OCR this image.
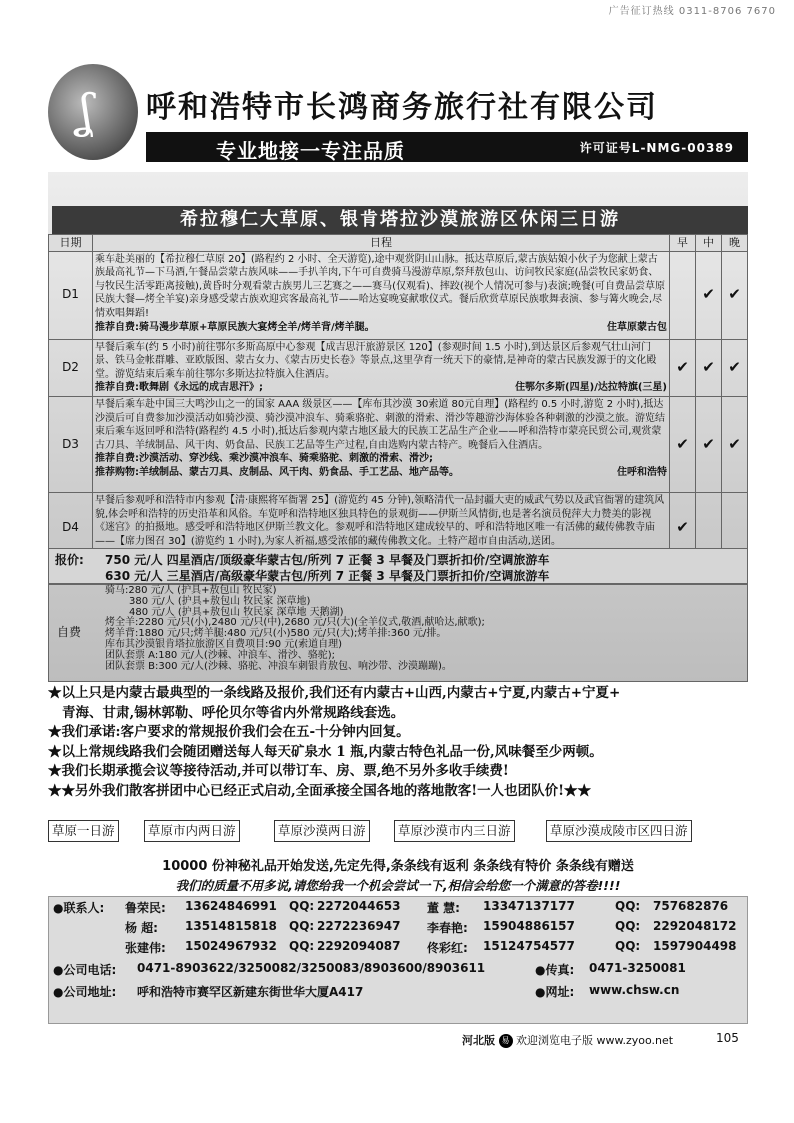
广告征订热线 0311-8706 7670
ʆ 呼和浩特市长鸿商务旅行社有限公司
专业地接一专注品质	许可证号L-NMG-00389
希拉穆仁大草原、银肯塔拉沙漠旅游区休闲三日游
日期	日程	早	中	晚
D1	乘车赴美丽的【希拉穆仁草原 20】(路程约 2 小时、全天游览),途中观赏阴山山脉。抵达草原后,蒙古族姑娘小伙子为您献上蒙古族最高礼节—下马酒,午餐品尝蒙古族风味——手扒羊肉,下午可自费骑马漫游草原,祭拜敖包山、访问牧民家庭(品尝牧民家奶食、与牧民生活零距离接触),黄昏时分观看蒙古族男儿三艺赛之——赛马(仅观看)、摔跤(视个人情况可参与)表演;晚餐(可自费品尝草原民族大餐—烤全羊宴)亲身感受蒙古族欢迎宾客最高礼节——哈达宴晚宴献歌仪式。餐后欣赏草原民族歌舞表演、参与篝火晚会,尽情欢唱舞蹈!
推荐自费:骑马漫步草原+草原民族大宴烤全羊/烤羊背/烤羊腿。 住草原蒙古包		✔	✔
D2	早餐后乘车(约 5 小时)前往鄂尔多斯高原中心参观【成吉思汗旅游景区 120】(参观时间 1.5 小时),到达景区后参观气壮山河门景、铁马金帐群雕、亚欧版图、蒙古女力、《蒙古历史长卷》等景点,这里孕育一统天下的豪情,是神奇的蒙古民族发源于的文化殿堂。游览结束后乘车前往鄂尔多斯达拉特旗入住酒店。
推荐自费:歌舞剧《永远的成吉思汗》; 住鄂尔多斯(四星)/达拉特旗(三星)	✔	✔	✔
D3	早餐后乘车赴中国三大鸣沙山之一的国家 AAA 级景区——【库布其沙漠 30索道 80元自理】(路程约 0.5 小时,游览 2 小时),抵达沙漠后可自费参加沙漠活动如骑沙漠、骑沙漠冲浪车、骑乘骆驼、刺激的滑索、滑沙等趣游沙海体验各种刺激的沙漠之旅。游览结束后乘车返回呼和浩特(路程约 4.5 小时),抵达后参观内蒙古地区最大的民族工艺品生产企业——呼和浩特市蒙亮民贸公司,观赏蒙古刀具、羊绒制品、风干肉、奶食品、民族工艺品等生产过程,自由选购内蒙古特产。晚餐后入住酒店。
推荐自费:沙漠活动、穿沙线、乘沙漠冲浪车、骑乘骆驼、刺激的滑索、滑沙;
推荐购物:羊绒制品、蒙古刀具、皮制品、风干肉、奶食品、手工艺品、地产品等。 住呼和浩特	✔	✔	✔
D4	早餐后参观呼和浩特市内参观【清·康熙将军衙署 25】(游览约 45 分钟),领略清代一品封疆大吏的威武气势以及武官衙署的建筑风貌,体会呼和浩特的历史沿革和风俗。车览呼和浩特地区独具特色的景观街——伊斯兰风情街,也是著名演员倪萍大力赞美的影视《迷宫》的拍摄地。感受呼和浩特地区伊斯兰教文化。参观呼和浩特地区建成较早的、呼和浩特地区唯一有活佛的藏传佛教寺庙——【席力图召 30】(游览约 1 小时),为家人祈福,感受浓郁的藏传佛教文化。土特产超市自由活动,送团。	✔		
报价: 750 元/人 四星酒店/顶级豪华蒙古包/所列 7 正餐 3 早餐及门票折扣价/空调旅游车
630 元/人 三星酒店/高级豪华蒙古包/所列 7 正餐 3 早餐及门票折扣价/空调旅游车
自费
骑马:280 元/人 (护具+敖包山 牧民家)
380 元/人 (护具+敖包山 牧民家 深草地)
480 元/人 (护具+敖包山 牧民家 深草地 天鹅湖)
烤全羊:2280 元/只(小),2480 元/只(中),2680 元/只(大)(全羊仪式,敬酒,献哈达,献歌);
烤羊背:1880 元/只;烤羊腿:480 元/只(小)580 元/只(大);烤羊排:360 元/排。
库布其沙漠银肯塔拉旅游区自费项目:90 元(索道自理)
团队套票 A:180 元/人(沙棘、冲浪车、滑沙、骆驼);
团队套票 B:300 元/人(沙棘、骆驼、冲浪车刺银肯敖包、响沙带、沙漠蹦蹦)。
★以上只是内蒙古最典型的一条线路及报价,我们还有内蒙古+山西,内蒙古+宁夏,内蒙古+宁夏+
青海、甘肃,锡林郭勒、呼伦贝尔等省内外常规路线套选。
★我们承诺:客户要求的常规报价我们会在五-十分钟内回复。
★以上常规线路我们会随团赠送每人每天矿泉水 1 瓶,内蒙古特色礼品一份,风味餐至少两顿。
★我们长期承揽会议等接待活动,并可以带订车、房、票,绝不另外多收手续费!
★★另外我们散客拼团中心已经正式启动,全面承接全国各地的落地散客!一人也团队价!★★
草原一日游	草原市内两日游	草原沙漠两日游	草原沙漠市内三日游	草原沙漠成陵市区四日游
10000 份神秘礼品开始发送,先定先得,条条线有返利 条条线有特价 条条线有赠送
我们的质量不用多说,请您给我一个机会尝试一下,相信会给您一个满意的答卷!!!!
●联系人: 鲁荣民: 13624846991 QQ: 2272044653 董 慧: 13347137177	QQ: 757682876
杨 超: 13514815818 QQ: 2272236947 李春艳: 15904886157	QQ: 2292048172
张建伟: 15024967932 QQ: 2292094087 佟彩红: 15124754577	QQ: 1597904498
●公司电话: 0471-8903622/3250082/3250083/8903600/8903611	●传真: 0471-3250081
●公司地址: 呼和浩特市赛罕区新建东街世华大厦A417	●网址: www.chsw.cn
河北版 易 欢迎浏览电子版 www.zyoo.net	105
